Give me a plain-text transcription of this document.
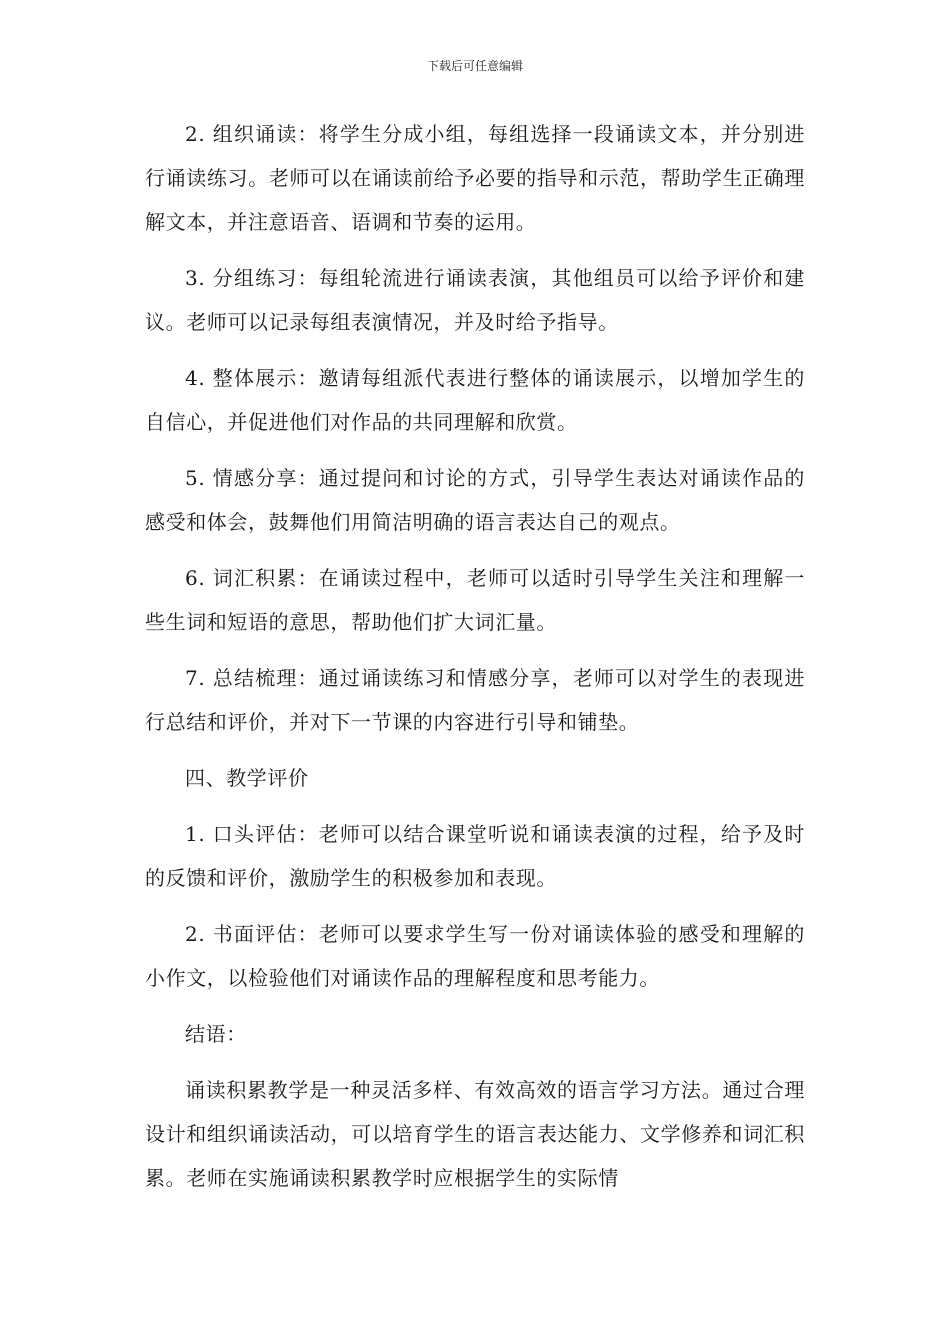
下载后可任意编辑

2. 组织诵读：将学生分成小组，每组选择一段诵读文本，并分别进行诵读练习。老师可以在诵读前给予必要的指导和示范，帮助学生正确理解文本，并注意语音、语调和节奏的运用。

3. 分组练习：每组轮流进行诵读表演，其他组员可以给予评价和建议。老师可以记录每组表演情况，并及时给予指导。

4. 整体展示：邀请每组派代表进行整体的诵读展示，以增加学生的自信心，并促进他们对作品的共同理解和欣赏。

5. 情感分享：通过提问和讨论的方式，引导学生表达对诵读作品的感受和体会，鼓舞他们用简洁明确的语言表达自己的观点。

6. 词汇积累：在诵读过程中，老师可以适时引导学生关注和理解一些生词和短语的意思，帮助他们扩大词汇量。

7. 总结梳理：通过诵读练习和情感分享，老师可以对学生的表现进行总结和评价，并对下一节课的内容进行引导和铺垫。

四、教学评价

1. 口头评估：老师可以结合课堂听说和诵读表演的过程，给予及时的反馈和评价，激励学生的积极参加和表现。

2. 书面评估：老师可以要求学生写一份对诵读体验的感受和理解的小作文，以检验他们对诵读作品的理解程度和思考能力。

结语：

诵读积累教学是一种灵活多样、有效高效的语言学习方法。通过合理设计和组织诵读活动，可以培育学生的语言表达能力、文学修养和词汇积累。老师在实施诵读积累教学时应根据学生的实际情
